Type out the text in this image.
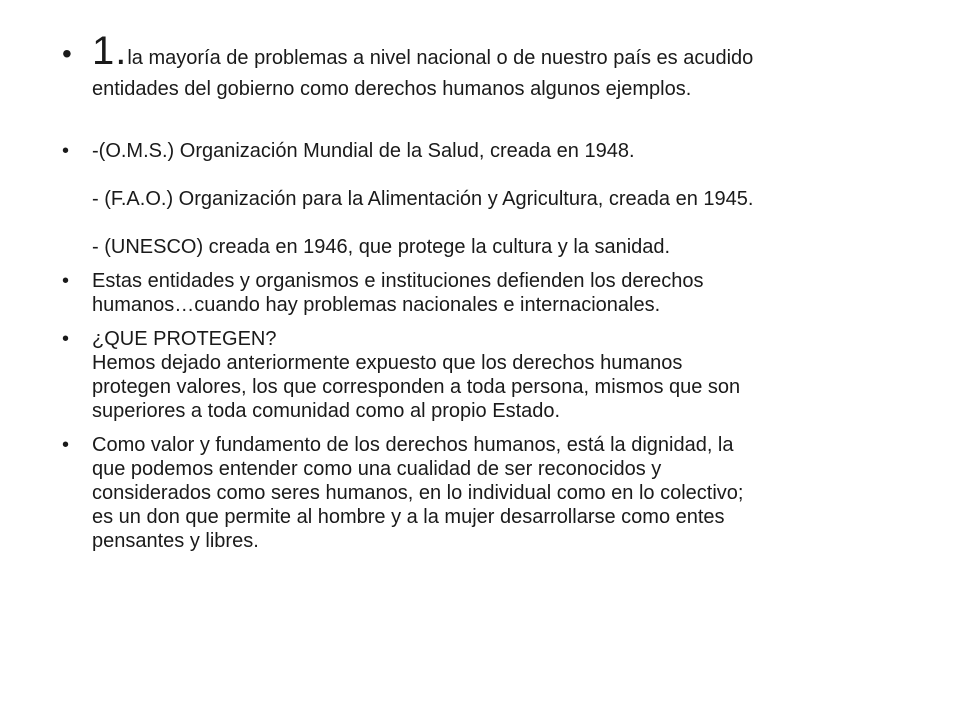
• 1.la mayoría de problemas a nivel nacional o de nuestro país es acudido
entidades del gobierno como derechos humanos algunos ejemplos.
• -(O.M.S.) Organización Mundial de la Salud, creada en 1948.
- (F.A.O.) Organización para la Alimentación y Agricultura, creada en 1945.
- (UNESCO) creada en 1946, que protege la cultura y la sanidad.
• Estas entidades y organismos e instituciones defienden los derechos
humanos…cuando hay problemas nacionales e internacionales.
• ¿QUE PROTEGEN?
Hemos dejado anteriormente expuesto que los derechos humanos
protegen valores, los que corresponden a toda persona, mismos que son
superiores a toda comunidad como al propio Estado.
• Como valor y fundamento de los derechos humanos, está la dignidad, la
que podemos entender como una cualidad de ser reconocidos y
considerados como seres humanos, en lo individual como en lo colectivo;
es un don que permite al hombre y a la mujer desarrollarse como entes
pensantes y libres.
